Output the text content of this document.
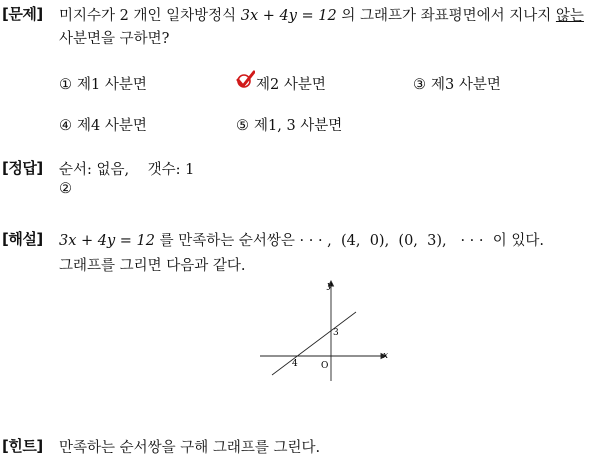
[문제] 미지수가 2 개인 일차방정식 3x + 4y = 12 의 그래프가 좌표평면에서 지나지 않는
사분면을 구하면?
① 제1 사분면	제2 사분면	③ 제3 사분면
④ 제4 사분면	⑤ 제1, 3 사분면
[정답] 순서: 없음,    갯수: 1
②
[해설] 3x + 4y = 12 를 만족하는 순서쌍은 · · · ,  (4,  0),  (0,  3),   · · ·  이 있다.
그래프를 그리면 다음과 같다.
x
y
O
3
4
[힌트] 만족하는 순서쌍을 구해 그래프를 그린다.
